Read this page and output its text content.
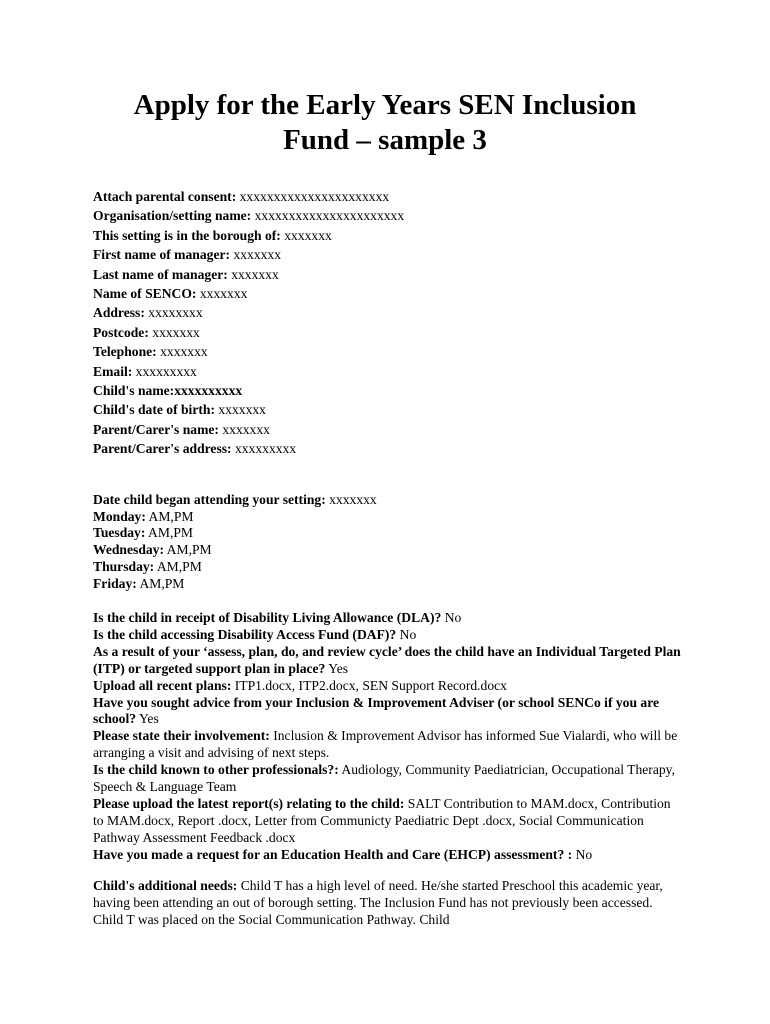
Apply for the Early Years SEN Inclusion
Fund – sample 3

Attach parental consent: xxxxxxxxxxxxxxxxxxxxxx

Organisation/setting name: xxxxxxxxxxxxxxxxxxxxxx

This setting is in the borough of: xxxxxxx

First name of manager: xxxxxxx

Last name of manager: xxxxxxx

Name of SENCO: xxxxxxx

Address: xxxxxxxx

Postcode: xxxxxxx

Telephone: xxxxxxx

Email: xxxxxxxxx

Child's name:xxxxxxxxxx

Child's date of birth: xxxxxxx

Parent/Carer's name: xxxxxxx

Parent/Carer's address: xxxxxxxxx

Date child began attending your setting: xxxxxxx

Monday: AM,PM

Tuesday: AM,PM

Wednesday: AM,PM

Thursday: AM,PM

Friday: AM,PM

Is the child in receipt of Disability Living Allowance (DLA)? No

Is the child accessing Disability Access Fund (DAF)? No

As a result of your ‘assess, plan, do, and review cycle’ does the child have an Individual Targeted Plan (ITP) or targeted support plan in place? Yes

Upload all recent plans: ITP1.docx, ITP2.docx, SEN Support Record.docx

Have you sought advice from your Inclusion & Improvement Adviser (or school SENCo if you are school? Yes

Please state their involvement: Inclusion & Improvement Advisor has informed Sue Vialardi, who will be arranging a visit and advising of next steps.

Is the child known to other professionals?: Audiology, Community Paediatrician, Occupational Therapy, Speech & Language Team

Please upload the latest report(s) relating to the child: SALT Contribution to MAM.docx, Contribution to MAM.docx, Report .docx, Letter from Communicty Paediatric Dept .docx, Social Communication Pathway Assessment Feedback .docx

Have you made a request for an Education Health and Care (EHCP) assessment? : No

Child's additional needs: Child T has a high level of need. He/she started Preschool this academic year, having been attending an out of borough setting. The Inclusion Fund has not previously been accessed. Child T was placed on the Social Communication Pathway. Child
